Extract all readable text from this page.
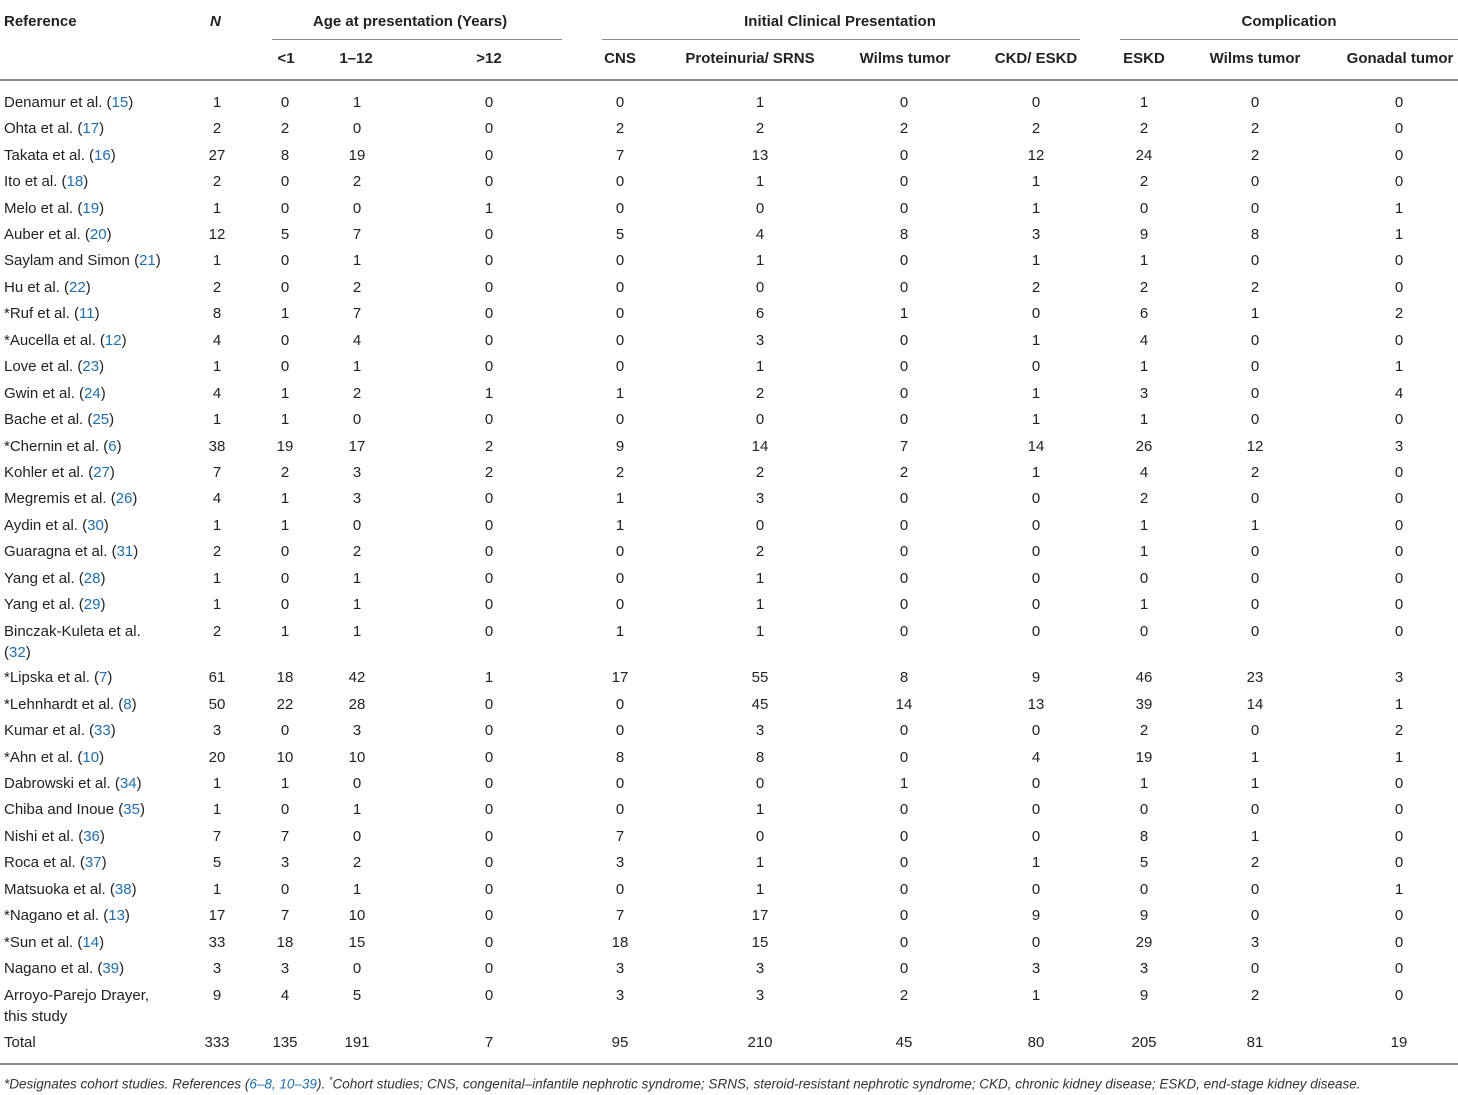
Reference	N	Age at presentation (Years)	Initial Clinical Presentation	Complication
<1	1–12	>12	CNS	Proteinuria/ SRNS	Wilms tumor	CKD/ ESKD	ESKD	Wilms tumor	Gonadal tumor
Denamur et al. (15)	1	0	1	0	0	1	0	0	1	0	0
Ohta et al. (17)	2	2	0	0	2	2	2	2	2	2	0
Takata et al. (16)	27	8	19	0	7	13	0	12	24	2	0
Ito et al. (18)	2	0	2	0	0	1	0	1	2	0	0
Melo et al. (19)	1	0	0	1	0	0	0	1	0	0	1
Auber et al. (20)	12	5	7	0	5	4	8	3	9	8	1
Saylam and Simon (21)	1	0	1	0	0	1	0	1	1	0	0
Hu et al. (22)	2	0	2	0	0	0	0	2	2	2	0
*Ruf et al. (11)	8	1	7	0	0	6	1	0	6	1	2
*Aucella et al. (12)	4	0	4	0	0	3	0	1	4	0	0
Love et al. (23)	1	0	1	0	0	1	0	0	1	0	1
Gwin et al. (24)	4	1	2	1	1	2	0	1	3	0	4
Bache et al. (25)	1	1	0	0	0	0	0	1	1	0	0
*Chernin et al. (6)	38	19	17	2	9	14	7	14	26	12	3
Kohler et al. (27)	7	2	3	2	2	2	2	1	4	2	0
Megremis et al. (26)	4	1	3	0	1	3	0	0	2	0	0
Aydin et al. (30)	1	1	0	0	1	0	0	0	1	1	0
Guaragna et al. (31)	2	0	2	0	0	2	0	0	1	0	0
Yang et al. (28)	1	0	1	0	0	1	0	0	0	0	0
Yang et al. (29)	1	0	1	0	0	1	0	0	1	0	0
Binczak-Kuleta et al.
(32)
2	1	1	0	1	1	0	0	0	0	0
*Lipska et al. (7)	61	18	42	1	17	55	8	9	46	23	3
*Lehnhardt et al. (8)	50	22	28	0	0	45	14	13	39	14	1
Kumar et al. (33)	3	0	3	0	0	3	0	0	2	0	2
*Ahn et al. (10)	20	10	10	0	8	8	0	4	19	1	1
Dabrowski et al. (34)	1	1	0	0	0	0	1	0	1	1	0
Chiba and Inoue (35)	1	0	1	0	0	1	0	0	0	0	0
Nishi et al. (36)	7	7	0	0	7	0	0	0	8	1	0
Roca et al. (37)	5	3	2	0	3	1	0	1	5	2	0
Matsuoka et al. (38)	1	0	1	0	0	1	0	0	0	0	1
*Nagano et al. (13)	17	7	10	0	7	17	0	9	9	0	0
*Sun et al. (14)	33	18	15	0	18	15	0	0	29	3	0
Nagano et al. (39)	3	3	0	0	3	3	0	3	3	0	0
Arroyo-Parejo Drayer,
this study
9	4	5	0	3	3	2	1	9	2	0
Total	333	135	191	7	95	210	45	80	205	81	19
*Designates cohort studies. References (6–8, 10–39). *Cohort studies; CNS, congenital–infantile nephrotic syndrome; SRNS, steroid-resistant nephrotic syndrome; CKD, chronic kidney disease; ESKD, end-stage kidney disease.
